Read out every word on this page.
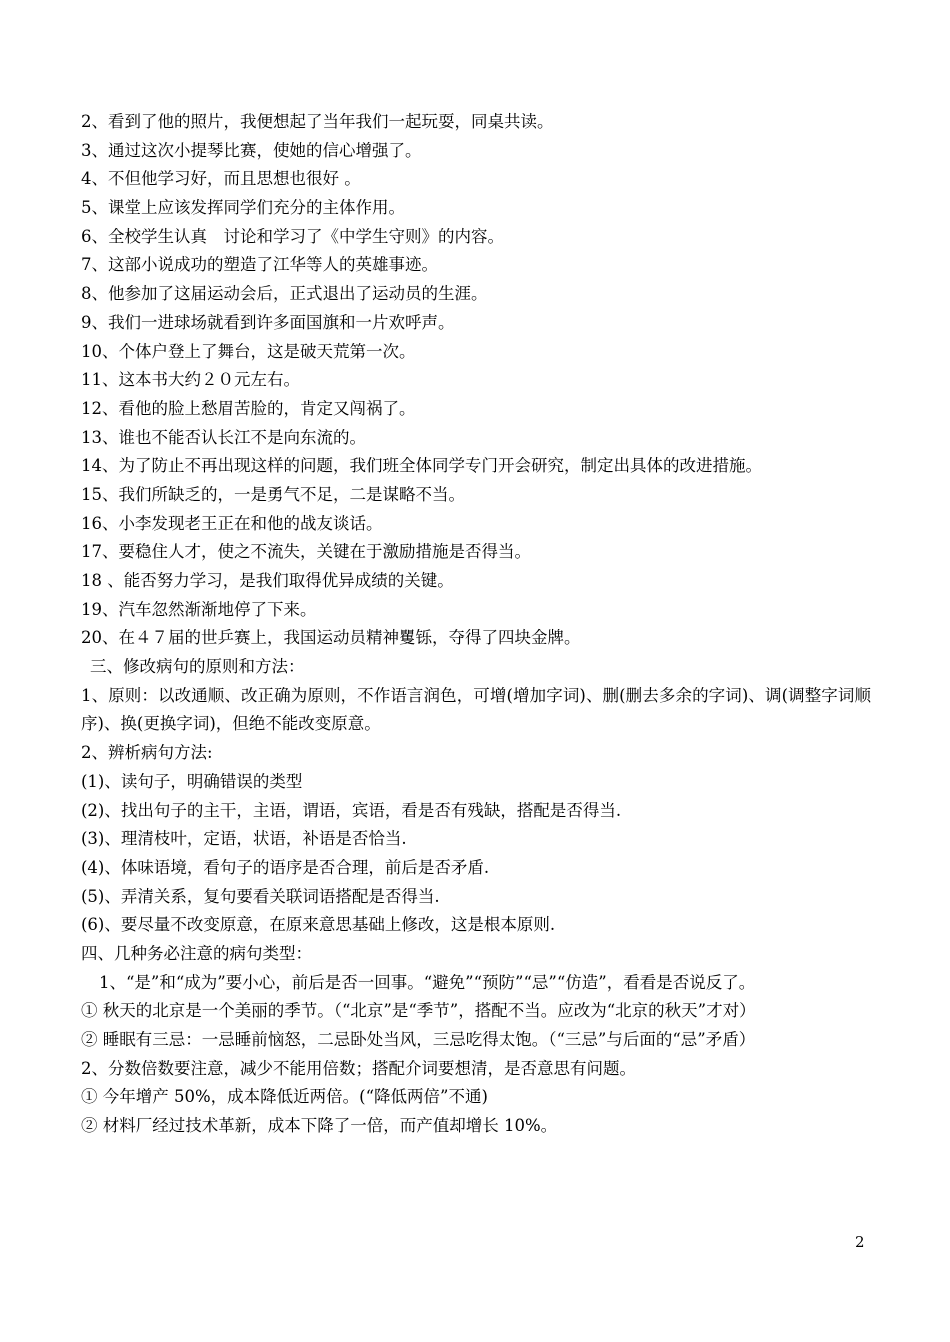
2、看到了他的照片，我便想起了当年我们一起玩耍，同桌共读。
3、通过这次小提琴比赛，使她的信心增强了。
4、不但他学习好，而且思想也很好 。
5、课堂上应该发挥同学们充分的主体作用。
6、全校学生认真　讨论和学习了《中学生守则》的内容。
7、这部小说成功的塑造了江华等人的英雄事迹。
8、他参加了这届运动会后，正式退出了运动员的生涯。
9、我们一进球场就看到许多面国旗和一片欢呼声。
10、个体户登上了舞台，这是破天荒第一次。
11、这本书大约２０元左右。
12、看他的脸上愁眉苦脸的，肯定又闯祸了。
13、谁也不能否认长江不是向东流的。
14、为了防止不再出现这样的问题，我们班全体同学专门开会研究，制定出具体的改进措施。
15、我们所缺乏的，一是勇气不足，二是谋略不当。
16、小李发现老王正在和他的战友谈话。
17、要稳住人才，使之不流失，关键在于激励措施是否得当。
18 、能否努力学习，是我们取得优异成绩的关键。
19、汽车忽然渐渐地停了下来。
20、在４７届的世乒赛上，我国运动员精神矍铄，夺得了四块金牌。
三、修改病句的原则和方法：
1、原则：以改通顺、改正确为原则，不作语言润色，可增(增加字词)、删(删去多余的字词)、调(调整字词顺序)、换(更换字词)，但绝不能改变原意。
2、辨析病句方法:
(1)、读句子，明确错误的类型
(2)、找出句子的主干，主语，谓语，宾语，看是否有残缺，搭配是否得当.
(3)、理清枝叶，定语，状语，补语是否恰当.
(4)、体味语境，看句子的语序是否合理，前后是否矛盾.
(5)、弄清关系，复句要看关联词语搭配是否得当.
(6)、要尽量不改变原意，在原来意思基础上修改，这是根本原则.
四、几种务必注意的病句类型：
1、“是”和“成为”要小心，前后是否一回事。“避免”“预防”“忌”“仿造”，看看是否说反了。
① 秋天的北京是一个美丽的季节。（“北京”是“季节”，搭配不当。应改为“北京的秋天”才对）
② 睡眠有三忌：一忌睡前恼怒，二忌卧处当风，三忌吃得太饱。（“三忌”与后面的“忌”矛盾）
2、分数倍数要注意，减少不能用倍数；搭配介词要想清，是否意思有问题。
① 今年增产 50%，成本降低近两倍。(“降低两倍”不通)
② 材料厂经过技术革新，成本下降了一倍，而产值却增长 10%。
2
